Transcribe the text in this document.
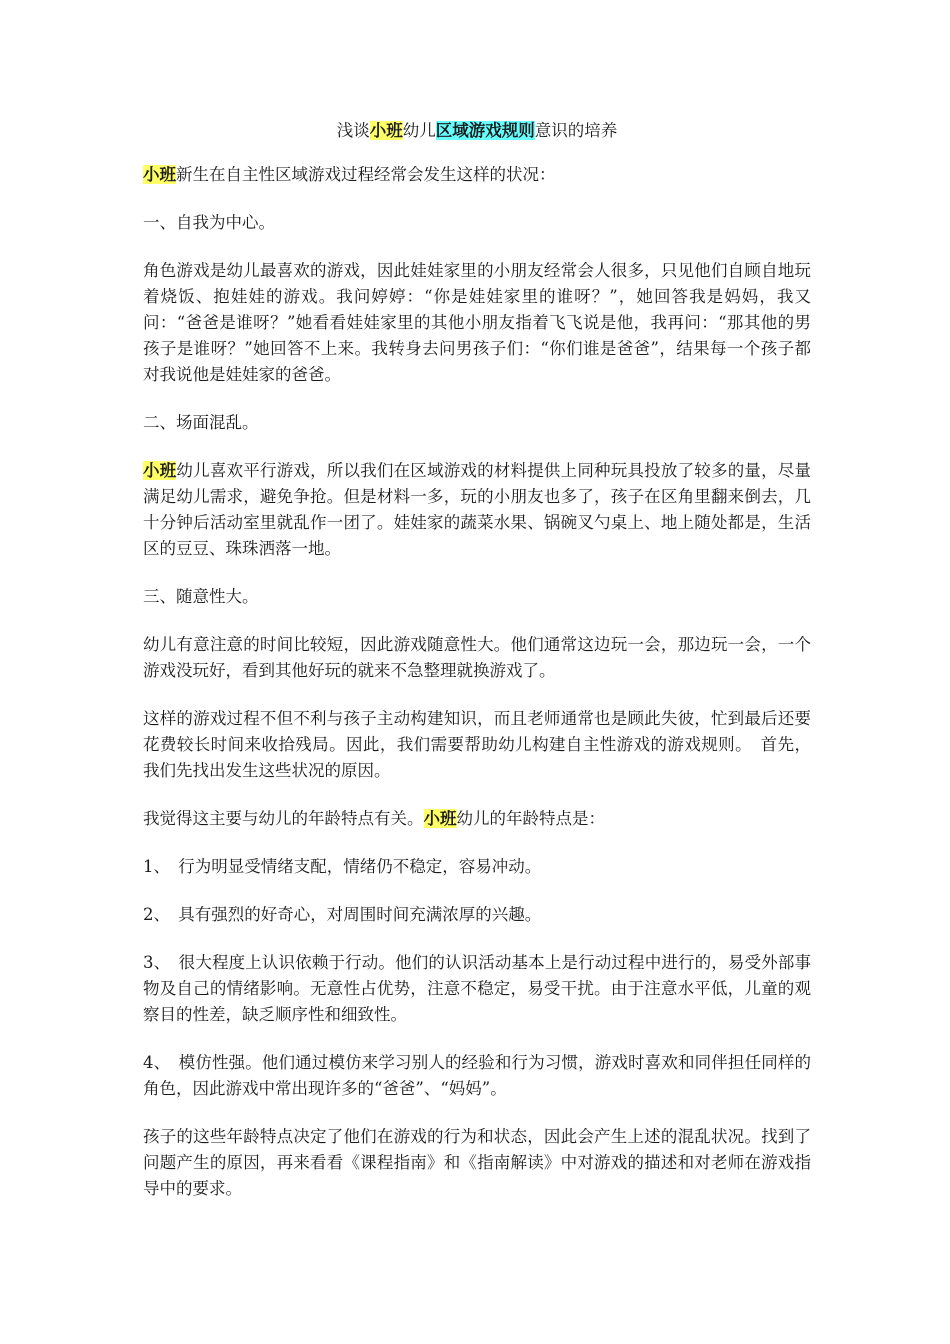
浅谈小班幼儿区域游戏规则意识的培养

小班新生在自主性区域游戏过程经常会发生这样的状况：

一、自我为中心。

角色游戏是幼儿最喜欢的游戏，因此娃娃家里的小朋友经常会人很多，只见他们自顾自地玩着烧饭、抱娃娃的游戏。我问婷婷：“你是娃娃家里的谁呀？”，她回答我是妈妈，我又问：“爸爸是谁呀？”她看看娃娃家里的其他小朋友指着飞飞说是他，我再问：“那其他的男孩子是谁呀？”她回答不上来。我转身去问男孩子们：“你们谁是爸爸”，结果每一个孩子都对我说他是娃娃家的爸爸。

二、场面混乱。

小班幼儿喜欢平行游戏，所以我们在区域游戏的材料提供上同种玩具投放了较多的量，尽量满足幼儿需求，避免争抢。但是材料一多，玩的小朋友也多了，孩子在区角里翻来倒去，几十分钟后活动室里就乱作一团了。娃娃家的蔬菜水果、锅碗叉勺桌上、地上随处都是，生活区的豆豆、珠珠洒落一地。

三、随意性大。

幼儿有意注意的时间比较短，因此游戏随意性大。他们通常这边玩一会，那边玩一会，一个游戏没玩好，看到其他好玩的就来不急整理就换游戏了。

这样的游戏过程不但不利与孩子主动构建知识，而且老师通常也是顾此失彼，忙到最后还要花费较长时间来收拾残局。因此，我们需要帮助幼儿构建自主性游戏的游戏规则。　首先，我们先找出发生这些状况的原因。

我觉得这主要与幼儿的年龄特点有关。小班幼儿的年龄特点是：

1、　行为明显受情绪支配，情绪仍不稳定，容易冲动。

2、　具有强烈的好奇心，对周围时间充满浓厚的兴趣。

3、　很大程度上认识依赖于行动。他们的认识活动基本上是行动过程中进行的，易受外部事物及自己的情绪影响。无意性占优势，注意不稳定，易受干扰。由于注意水平低，儿童的观察目的性差，缺乏顺序性和细致性。

4、　模仿性强。他们通过模仿来学习别人的经验和行为习惯，游戏时喜欢和同伴担任同样的角色，因此游戏中常出现许多的“爸爸”、“妈妈”。

孩子的这些年龄特点决定了他们在游戏的行为和状态，因此会产生上述的混乱状况。找到了问题产生的原因，再来看看《课程指南》和《指南解读》中对游戏的描述和对老师在游戏指导中的要求。
